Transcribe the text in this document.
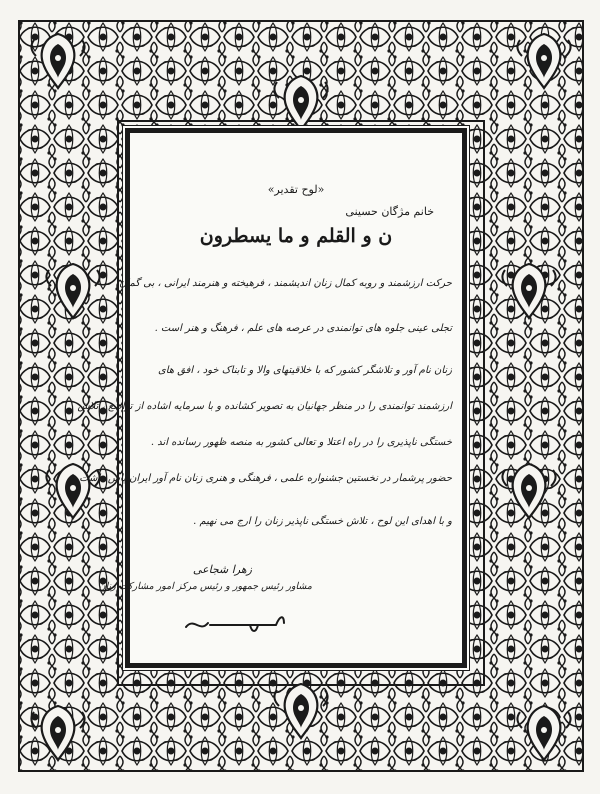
«لوح تقدیر»
خانم مژگان حسینی
ن و القلم و ما یسطرون
حرکت ارزشمند و روبه کمال زنان اندیشمند ، فرهیخته و هنرمند ایرانی ، بی گمان
تجلی عینی جلوه های توانمندی در عرصه های علم ، فرهنگ و هنر است .
زنان نام آور و تلاشگر کشور که با خلاقیتهای والا و تابناک خود ، افق های
ارزشمند توانمندی را در منظر جهانیان به تصویر کشانده و با سرمایه اشاده از تواضع ، تلاش
خستگی ناپذیری را در راه اعتلا و تعالی کشور به منصه ظهور رسانده اند .
حضور پرشمار در نخستین جشنواره علمی ، فرهنگی و هنری زنان نام آور ایران پاس داشت
و با اهدای این لوح ، تلاش خستگی ناپذیر زنان را ارج می نهیم .
زهرا شجاعی
مشاور رئیس جمهور و رئیس مرکز امور مشارکت زنان
